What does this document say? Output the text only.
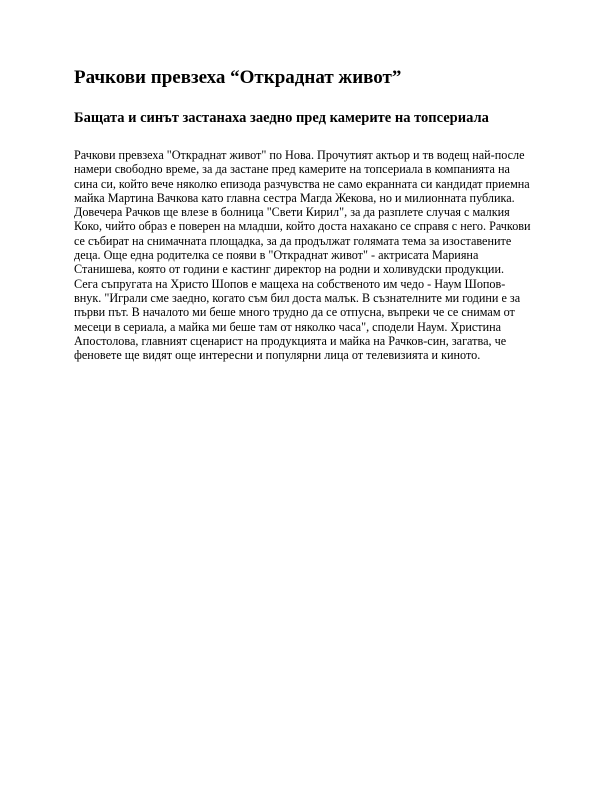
Рачкови превзеха “Откраднат живот”
Бащата и синът застанаха заедно пред камерите на топсериала

Рачкови превзеха "Откраднат живот" по Нова. Прочутият актьор и тв водещ най-после
намери свободно време, за да застане пред камерите на топсериала в компанията на
сина си, който вече няколко епизода разчувства не само екранната си кандидат приемна
майка Мартина Вачкова като главна сестра Магда Жекова, но и милионната публика.
Довечера Рачков ще влезе в болница "Свети Кирил", за да разплете случая с малкия
Коко, чийто образ е поверен на младши, който доста нахакано се справя с него. Рачкови
се събират на снимачната площадка, за да продължат голямата тема за изоставените
деца. Още една родителка се появи в "Откраднат живот" - актрисата Марияна
Станишева, която от години е кастинг директор на родни и холивудски продукции.
Сега съпругата на Христо Шопов е мащеха на собственото им чедо - Наум Шопов-
внук. "Играли сме заедно, когато съм бил доста малък. В съзнателните ми години е за
първи път. В началото ми беше много трудно да се отпусна, въпреки че се снимам от
месеци в сериала, а майка ми беше там от няколко часа", сподели Наум. Христина
Апостолова, главният сценарист на продукцията и майка на Рачков-син, загатва, че
феновете ще видят още интересни и популярни лица от телевизията и киното.
